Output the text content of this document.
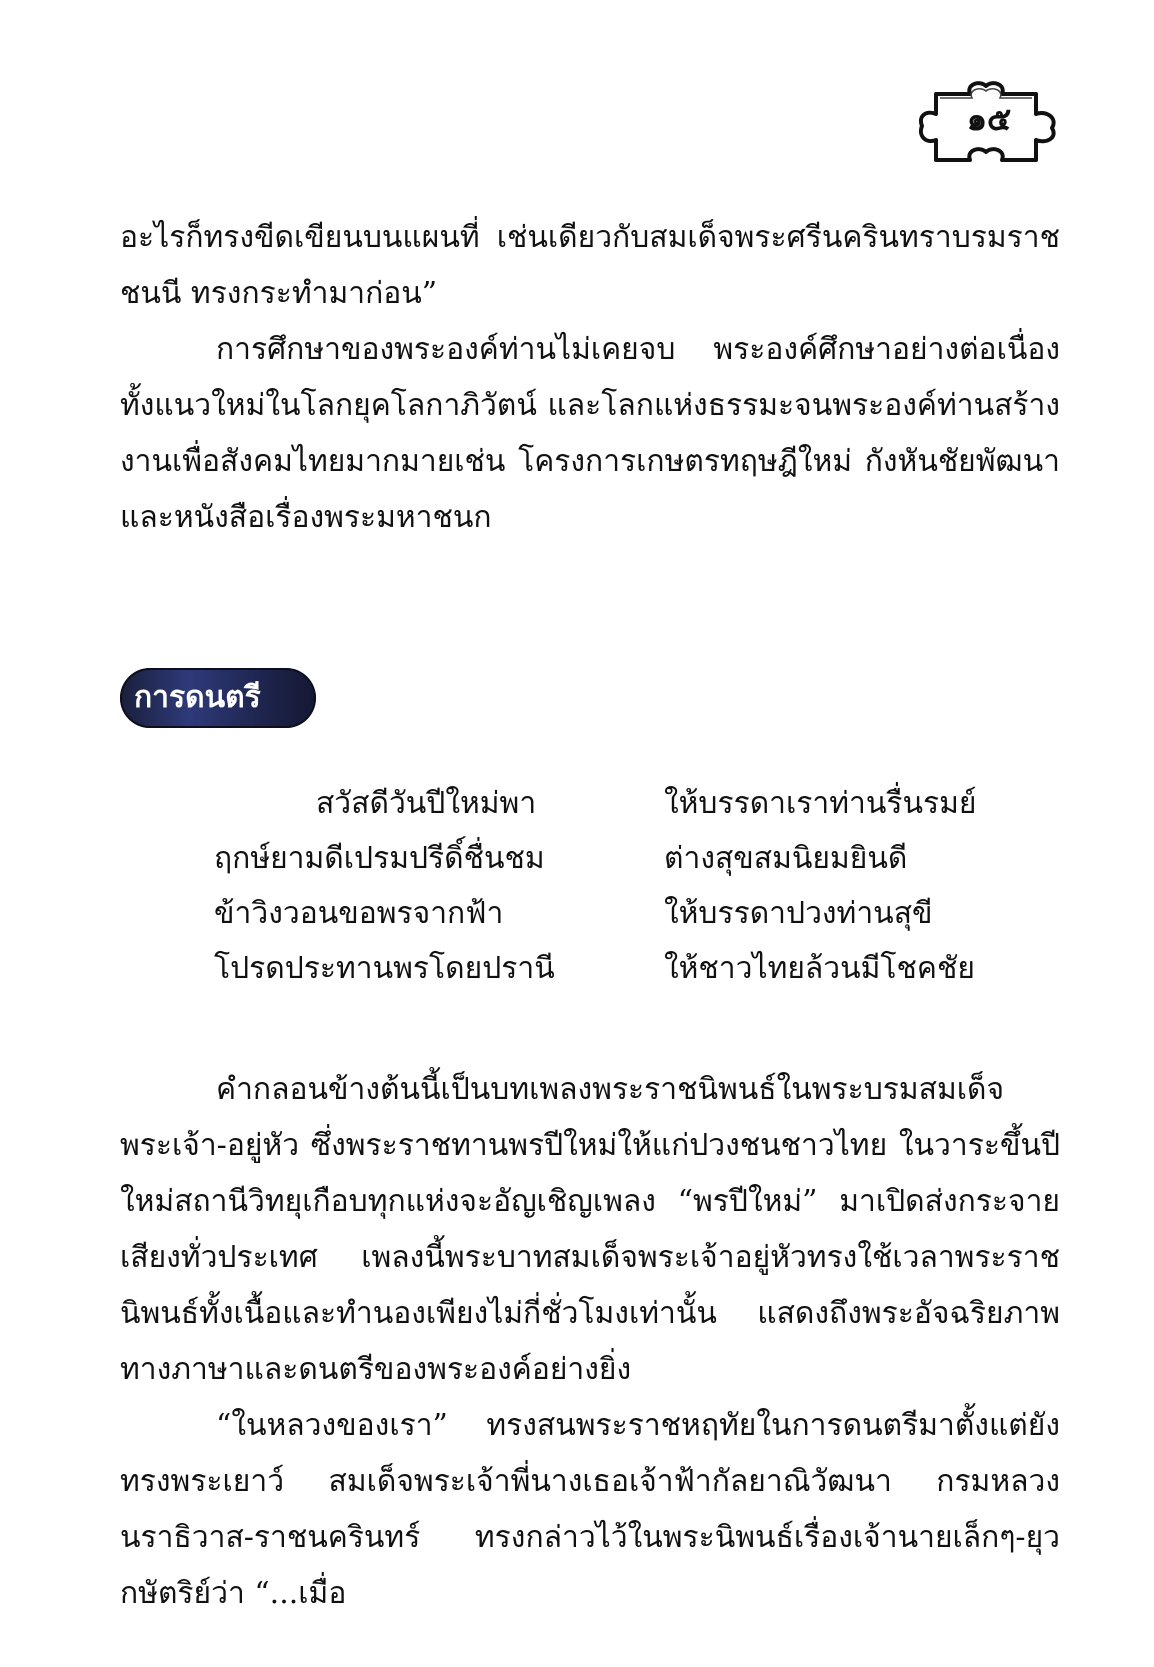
๑๕

อะไรก็ทรงขีดเขียนบนแผนที่ เช่นเดียวกับสมเด็จพระศรีนครินทราบรมราชชนนี ทรงกระทำมาก่อน”

การศึกษาของพระองค์ท่านไม่เคยจบ พระองค์ศึกษาอย่างต่อเนื่องทั้งแนวใหม่ในโลกยุคโลกาภิวัตน์ และโลกแห่งธรรมะจนพระองค์ท่านสร้างงานเพื่อสังคมไทยมากมายเช่น โครงการเกษตรทฤษฎีใหม่ กังหันชัยพัฒนา และหนังสือเรื่องพระมหาชนก

การดนตรี
สวัสดีวันปีใหม่พา	ให้บรรดาเราท่านรื่นรมย์
ฤกษ์ยามดีเปรมปรีดิ์ชื่นชม	ต่างสุขสมนิยมยินดี
ข้าวิงวอนขอพรจากฟ้า	ให้บรรดาปวงท่านสุขี
โปรดประทานพรโดยปรานี	ให้ชาวไทยล้วนมีโชคชัย

คำกลอนข้างต้นนี้เป็นบทเพลงพระราชนิพนธ์ในพระบรมสมเด็จพระเจ้า-อยู่หัว ซึ่งพระราชทานพรปีใหม่ให้แก่ปวงชนชาวไทย ในวาระขึ้นปีใหม่สถานีวิทยุเกือบทุกแห่งจะอัญเชิญเพลง “พรปีใหม่” มาเปิดส่งกระจายเสียงทั่วประเทศ เพลงนี้พระบาทสมเด็จพระเจ้าอยู่หัวทรงใช้เวลาพระราชนิพนธ์ทั้งเนื้อและทำนองเพียงไม่กี่ชั่วโมงเท่านั้น แสดงถึงพระอัจฉริยภาพทางภาษาและดนตรีของพระองค์อย่างยิ่ง

“ในหลวงของเรา” ทรงสนพระราชหฤทัยในการดนตรีมาตั้งแต่ยังทรงพระเยาว์ สมเด็จพระเจ้าพี่นางเธอเจ้าฟ้ากัลยาณิวัฒนา กรมหลวงนราธิวาส-ราชนครินทร์ ทรงกล่าวไว้ในพระนิพนธ์เรื่องเจ้านายเล็กๆ-ยุวกษัตริย์ว่า “...เมื่อ
